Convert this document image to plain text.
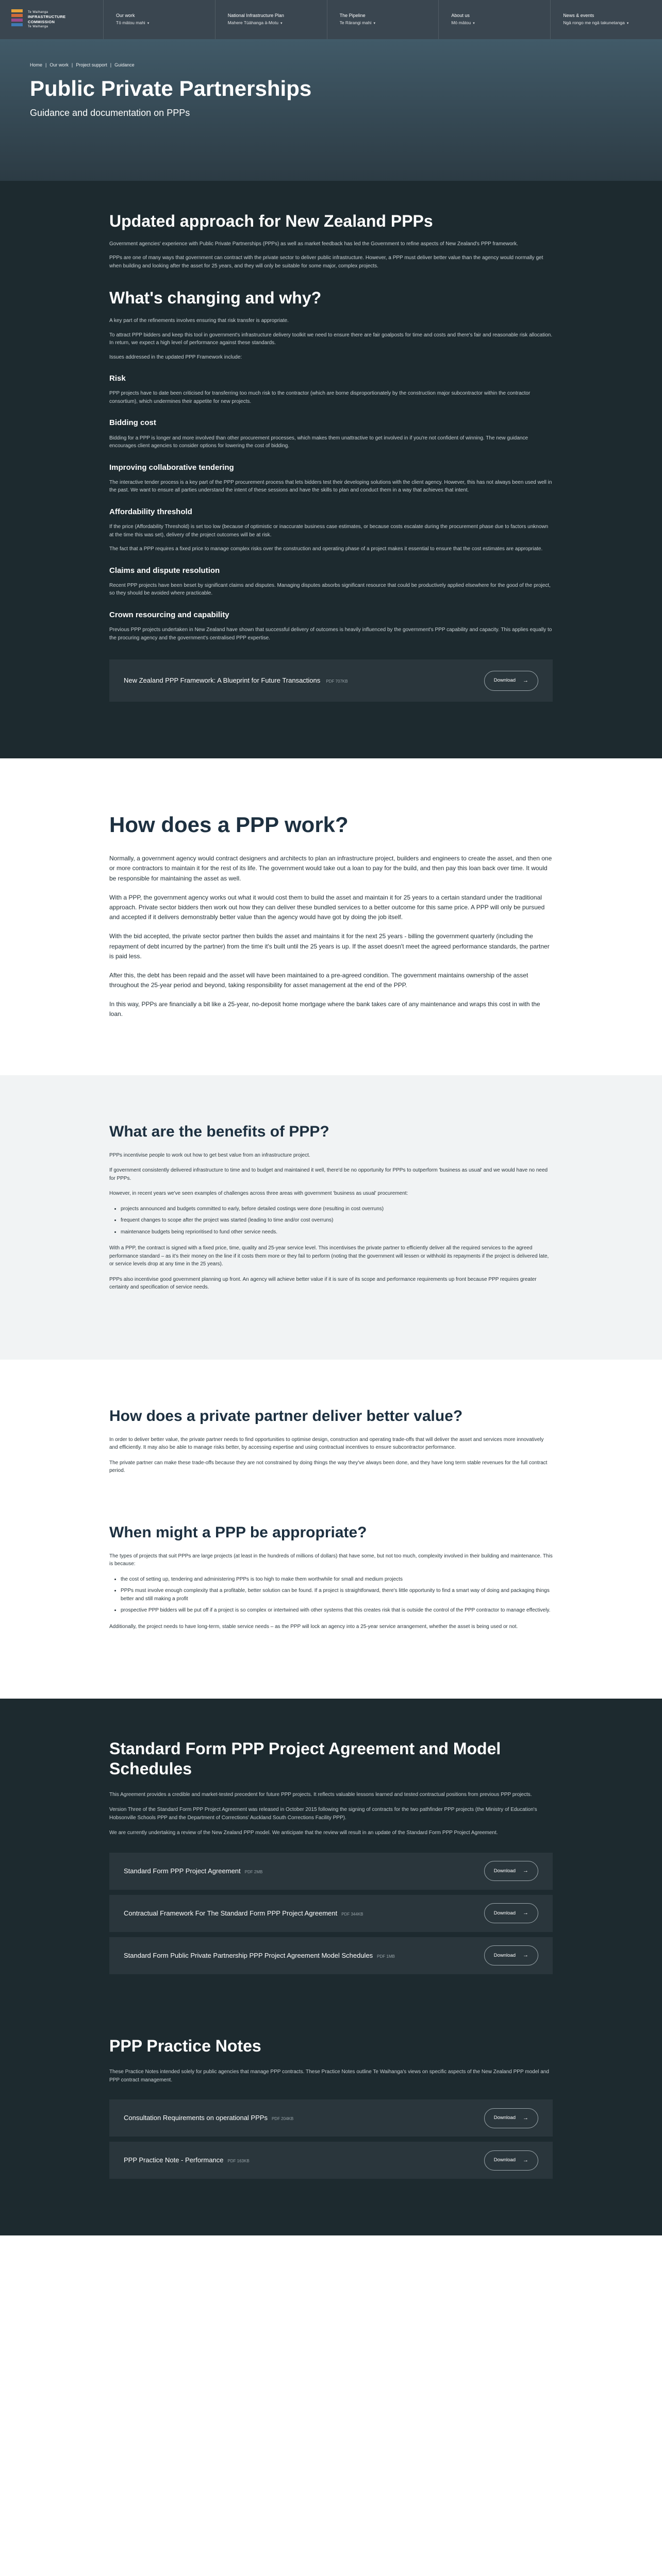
Te Waihanga
INFRASTRUCTURE
COMMISSION
Te Waihanga
Our work
Tō mātou mahi ▾
National Infrastructure Plan
Mahere Tūāhanga ā-Motu ▾
The Pipeline
Te Rārangi mahi ▾
About us
Mō mātou ▾
News & events
Ngā rongo me ngā takunetanga ▾
Home | Our work | Project support | Guidance
Public Private Partnerships
Guidance and documentation on PPPs
Updated approach for New Zealand PPPs

Government agencies' experience with Public Private Partnerships (PPPs) as well as market feedback has led the Government to refine aspects of New Zealand's PPP framework.

PPPs are one of many ways that government can contract with the private sector to deliver public infrastructure. However, a PPP must deliver better value than the agency would normally get when building and looking after the asset for 25 years, and they will only be suitable for some major, complex projects.

What's changing and why?

A key part of the refinements involves ensuring that risk transfer is appropriate.

To attract PPP bidders and keep this tool in government's infrastructure delivery toolkit we need to ensure there are fair goalposts for time and costs and there's fair and reasonable risk allocation. In return, we expect a high level of performance against these standards.

Issues addressed in the updated PPP Framework include:

Risk

PPP projects have to date been criticised for transferring too much risk to the contractor (which are borne disproportionately by the construction major subcontractor within the contractor consortium), which undermines their appetite for new projects.

Bidding cost

Bidding for a PPP is longer and more involved than other procurement processes, which makes them unattractive to get involved in if you're not confident of winning. The new guidance encourages client agencies to consider options for lowering the cost of bidding.

Improving collaborative tendering

The interactive tender process is a key part of the PPP procurement process that lets bidders test their developing solutions with the client agency. However, this has not always been used well in the past. We want to ensure all parties understand the intent of these sessions and have the skills to plan and conduct them in a way that achieves that intent.

Affordability threshold

If the price (Affordability Threshold) is set too low (because of optimistic or inaccurate business case estimates, or because costs escalate during the procurement phase due to factors unknown at the time this was set), delivery of the project outcomes will be at risk.

The fact that a PPP requires a fixed price to manage complex risks over the construction and operating phase of a project makes it essential to ensure that the cost estimates are appropriate.

Claims and dispute resolution

Recent PPP projects have been beset by significant claims and disputes. Managing disputes absorbs significant resource that could be productively applied elsewhere for the good of the project, so they should be avoided where practicable.

Crown resourcing and capability

Previous PPP projects undertaken in New Zealand have shown that successful delivery of outcomes is heavily influenced by the government's PPP capability and capacity. This applies equally to the procuring agency and the government's centralised PPP expertise.

New Zealand PPP Framework: A Blueprint for Future Transactions PDF 707KB	Download →
How does a PPP work?

Normally, a government agency would contract designers and architects to plan an infrastructure project, builders and engineers to create the asset, and then one or more contractors to maintain it for the rest of its life. The government would take out a loan to pay for the build, and then pay this loan back over time. It would be responsible for maintaining the asset as well.

With a PPP, the government agency works out what it would cost them to build the asset and maintain it for 25 years to a certain standard under the traditional approach. Private sector bidders then work out how they can deliver these bundled services to a better outcome for this same price. A PPP will only be pursued and accepted if it delivers demonstrably better value than the agency would have got by doing the job itself.

With the bid accepted, the private sector partner then builds the asset and maintains it for the next 25 years - billing the government quarterly (including the repayment of debt incurred by the partner) from the time it's built until the 25 years is up. If the asset doesn't meet the agreed performance standards, the partner is paid less.

After this, the debt has been repaid and the asset will have been maintained to a pre-agreed condition. The government maintains ownership of the asset throughout the 25-year period and beyond, taking responsibility for asset management at the end of the PPP.

In this way, PPPs are financially a bit like a 25-year, no-deposit home mortgage where the bank takes care of any maintenance and wraps this cost in with the loan.

What are the benefits of PPP?

PPPs incentivise people to work out how to get best value from an infrastructure project.

If government consistently delivered infrastructure to time and to budget and maintained it well, there'd be no opportunity for PPPs to outperform 'business as usual' and we would have no need for PPPs.

However, in recent years we've seen examples of challenges across three areas with government 'business as usual' procurement:

• projects announced and budgets committed to early, before detailed costings were done (resulting in cost overruns)
• frequent changes to scope after the project was started (leading to time and/or cost overruns)
• maintenance budgets being reprioritised to fund other service needs.

With a PPP, the contract is signed with a fixed price, time, quality and 25-year service level. This incentivises the private partner to efficiently deliver all the required services to the agreed performance standard – as it's their money on the line if it costs them more or they fail to perform (noting that the government will lessen or withhold its repayments if the project is delivered late, or service levels drop at any time in the 25 years).

PPPs also incentivise good government planning up front. An agency will achieve better value if it is sure of its scope and performance requirements up front because PPP requires greater certainty and specification of service needs.

How does a private partner deliver better value?

In order to deliver better value, the private partner needs to find opportunities to optimise design, construction and operating trade-offs that will deliver the asset and services more innovatively and efficiently. It may also be able to manage risks better, by accessing expertise and using contractual incentives to ensure subcontractor performance.

The private partner can make these trade-offs because they are not constrained by doing things the way they've always been done, and they have long term stable revenues for the full contract period.

When might a PPP be appropriate?

The types of projects that suit PPPs are large projects (at least in the hundreds of millions of dollars) that have some, but not too much, complexity involved in their building and maintenance. This is because:

• the cost of setting up, tendering and administering PPPs is too high to make them worthwhile for small and medium projects
• PPPs must involve enough complexity that a profitable, better solution can be found. If a project is straightforward, there's little opportunity to find a smart way of doing and packaging things better and still making a profit
• prospective PPP bidders will be put off if a project is so complex or intertwined with other systems that this creates risk that is outside the control of the PPP contractor to manage effectively.

Additionally, the project needs to have long-term, stable service needs – as the PPP will lock an agency into a 25-year service arrangement, whether the asset is being used or not.

Standard Form PPP Project Agreement and Model Schedules

This Agreement provides a credible and market-tested precedent for future PPP projects. It reflects valuable lessons learned and tested contractual positions from previous PPP projects.

Version Three of the Standard Form PPP Project Agreement was released in October 2015 following the signing of contracts for the two pathfinder PPP projects (the Ministry of Education's Hobsonville Schools PPP and the Department of Corrections' Auckland South Corrections Facility PPP).

We are currently undertaking a review of the New Zealand PPP model. We anticipate that the review will result in an update of the Standard Form PPP Project Agreement.

Standard Form PPP Project Agreement PDF 2MB	Download →
Contractual Framework For The Standard Form PPP Project Agreement PDF 344KB	Download →
Standard Form Public Private Partnership PPP Project Agreement Model Schedules PDF 1MB	Download →
PPP Practice Notes

These Practice Notes intended solely for public agencies that manage PPP contracts. These Practice Notes outline Te Waihanga's views on specific aspects of the New Zealand PPP model and PPP contract management.

Consultation Requirements on operational PPPs PDF 204KB	Download →
PPP Practice Note - Performance PDF 163KB	Download →
